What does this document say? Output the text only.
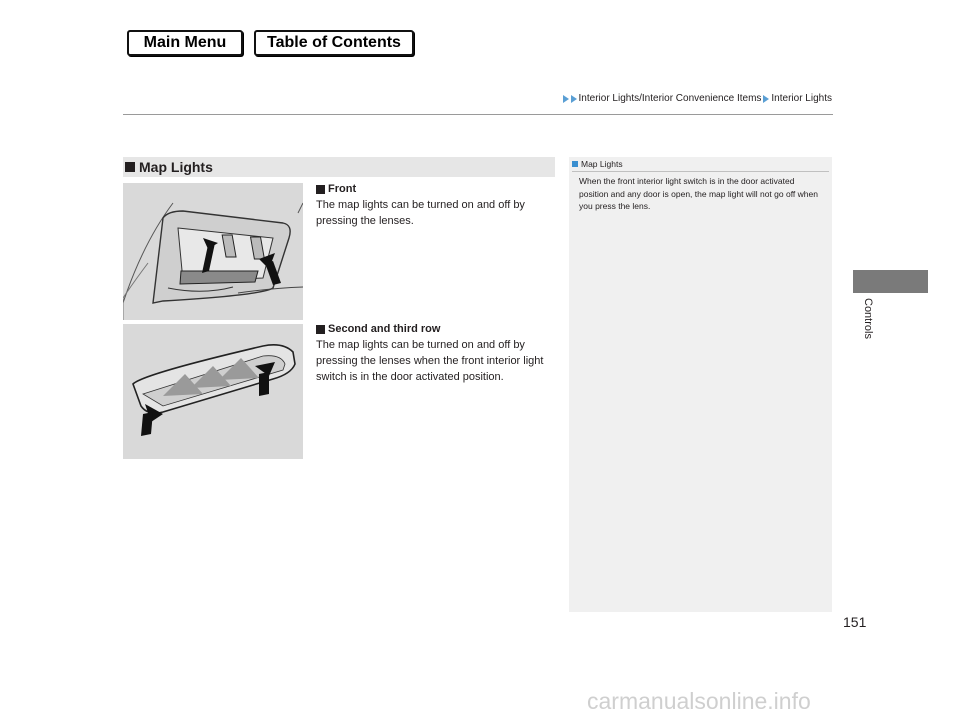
Main Menu	Table of Contents
Interior Lights/Interior Convenience Items Interior Lights
Map Lights
Front
The map lights can be turned on and off by pressing the lenses.
Second and third row
The map lights can be turned on and off by pressing the lenses when the front interior light switch is in the door activated position.
Map Lights
When the front interior light switch is in the door activated position and any door is open, the map light will not go off when you press the lens.
Controls
151
carmanualsonline.info
